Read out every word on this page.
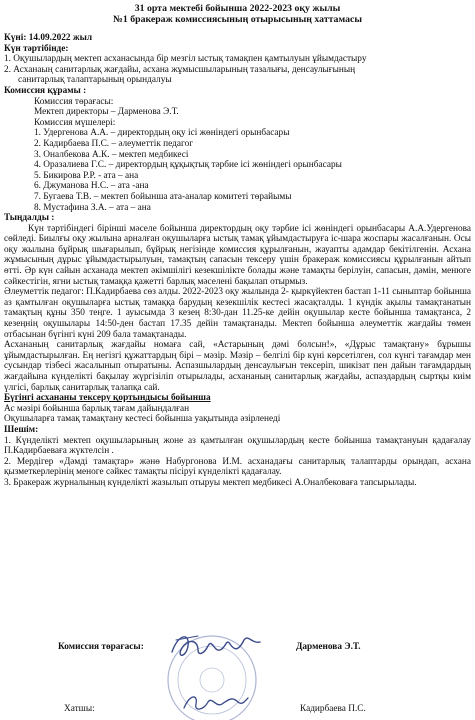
31 орта мектебі бойынша 2022-2023 оқу жылы
№1 бракераж комиссиясының отырысының хаттамасы
Күні: 14.09.2022 жыл
Күн тәртібінде:
1. Оқушылардың мектеп асханасында бір мезгіл ыстық тамақпен қамтылуын ұйымдастыру
2. Асханаың санитарлық жағдайы, асхана жұмысшыларының тазалығы, денсаулығының
санитарлық талаптарының орындалуы
Комиссия құрамы :
Комиссия төрағасы:
Мектеп директоры – Дарменова Э.Т.
Комиссия мүшелері:
1. Удергенова А.А. – директордың оқу ісі жөніндегі орынбасары
2. Кадирбаева П.С. – әлеуметтік педагог
3. Оналбекова А.К. – мектеп медбикесі
4. Оразалиева Г.С. – директордың құқықтық тәрбие ісі жөніндегі орынбасары
5. Бикирова Р.Р. - ата – ана
6. Джуманова Н.С. – ата -ана
7. Бугаева Т.В. – мектеп бойынша ата-аналар комитеті төрайымы
8. Мустафина З.А. – ата – ана
Тыңдалды :
Күн тәртібіндегі бірінші мәселе бойынша директордың оқу тәрбие ісі жөніндегі орынбасары А.А.Удергенова сөйледі. Биылғы оқу жылына арналған оқушыларға ыстық тамақ ұйымдастыруға іс-шара жоспары жасалғанын. Осы оқу жылына бұйрық шығарылып, бұйрық негізінде комиссия құрылғанын, жауапты адамдар бекітілгенін. Асхана жұмысының дұрыс ұйымдастырылуын, тамақтың сапасын тексеру үшін бракераж комиссиясы құрылғанын айтып өтті. Әр күн сайын асханада мектеп әкімшілігі кезекшілікте болады және тамақты берілуін, сапасын, дәмін, менюге сәйкестігін, ягни ыстық тамаққа қажетті барлық мәселені бақылап отырмыз.
Әлеуметтік педагог: П.Кадирбаева сөз алды. 2022-2023 оқу жылында 2- қыркүйектен бастап 1-11 сыныптар бойынша аз қамтылған оқушыларға ыстық тамаққа барудың кезекшілік кестесі жасақталды. 1 күндік ақылы тамақтанатын тамақтың құны 350 теңге. 1 ауысымда 3 кезең 8:30-дан 11.25-ке дейін оқушылар кесте бойынша тамақтанса, 2 кезеңнің оқушылары 14:50-ден бастап 17.35 дейін тамақтанады. Мектеп бойынша әлеуметтік жағдайы төмен отбасынан бүгінгі күні 209 бала тамақтанады.
Асхананың санитарлық жағдайы номаға сай, «Астарының дәмі болсын!», «Дұрыс тамақтану» бұрышы ұйымдастырылған. Ең негізгі құжаттардың бірі – мәзір. Мәзір – белгілі бір күні көрсетілген, сол күнгі тағамдар мен сусындар тізбесі жасалынып отыратыны. Аспазшылардың денсаулығын тексеріп, шикізат пен дайын тағамдардың жағдайына күнделікті бақылау жүргізіліп отырылады, асхананың санитарлық жағдайы, аспаздардың сыртқы киім үлгісі, барлық санитарлық талапқа сай.
Бүгінгі асхананы тексеру қортындысы бойынша
Ас мәзірі бойынша барлық тағам дайындалған
Оқушыларға тамақ тамақтану кестесі бойынша уақытында әзірленеді
Шешім:
1. Күнделікті мектеп оқушыларының жоне аз қамтылған оқушылардың кесте бойынша тамақтануын қадағалау П.Кадирбаеваға жүктелсін .
2. Мердігер «Дәмді тамақтар» жәнө Набургонова И.М. асханадағы санитарлық талаптарды орындап, асхана қызметкерлерінің меноге сәйкес тамақты пісіруі күнделікті қадағалау.
3. Бракераж журналының күнделікті жазылып отыруы мектеп медбикесі А.Оналбековаға тапсырылады.
Комиссия төрағасы:	Дарменова Э.Т.
Хатшы:	Кадирбаева П.С.
